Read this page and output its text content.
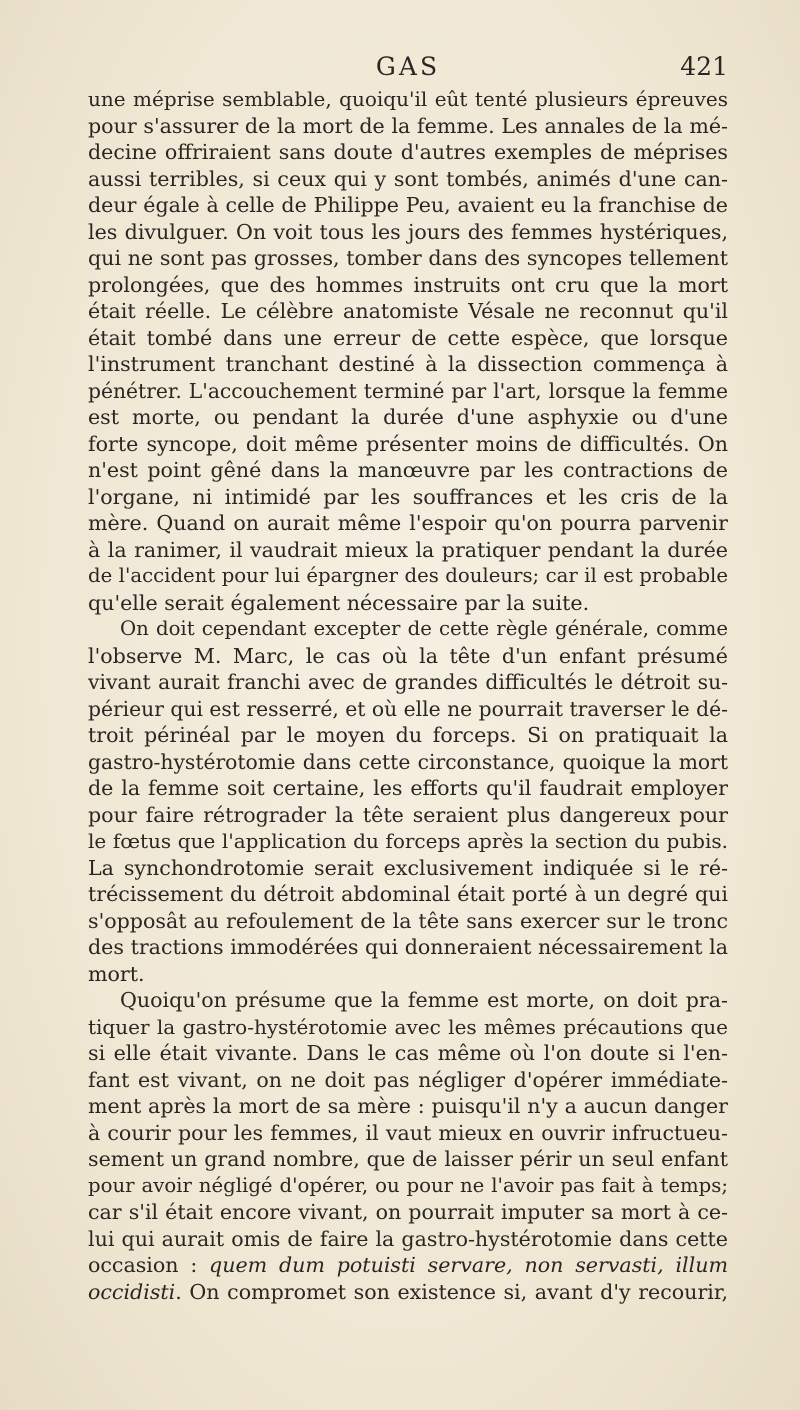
GAS	421
une méprise semblable, quoiqu'il eût tenté plusieurs épreuves
pour s'assurer de la mort de la femme. Les annales de la mé-
decine offriraient sans doute d'autres exemples de méprises
aussi terribles, si ceux qui y sont tombés, animés d'une can-
deur égale à celle de Philippe Peu, avaient eu la franchise de
les divulguer. On voit tous les jours des femmes hystériques,
qui ne sont pas grosses, tomber dans des syncopes tellement
prolongées, que des hommes instruits ont cru que la mort
était réelle. Le célèbre anatomiste Vésale ne reconnut qu'il
était tombé dans une erreur de cette espèce, que lorsque
l'instrument tranchant destiné à la dissection commença à
pénétrer. L'accouchement terminé par l'art, lorsque la femme
est morte, ou pendant la durée d'une asphyxie ou d'une
forte syncope, doit même présenter moins de difficultés. On
n'est point gêné dans la manœuvre par les contractions de
l'organe, ni intimidé par les souffrances et les cris de la
mère. Quand on aurait même l'espoir qu'on pourra parvenir
à la ranimer, il vaudrait mieux la pratiquer pendant la durée
de l'accident pour lui épargner des douleurs; car il est probable
qu'elle serait également nécessaire par la suite.
On doit cependant excepter de cette règle générale, comme
l'observe M. Marc, le cas où la tête d'un enfant présumé
vivant aurait franchi avec de grandes difficultés le détroit su-
périeur qui est resserré, et où elle ne pourrait traverser le dé-
troit périnéal par le moyen du forceps. Si on pratiquait la
gastro-hystérotomie dans cette circonstance, quoique la mort
de la femme soit certaine, les efforts qu'il faudrait employer
pour faire rétrograder la tête seraient plus dangereux pour
le fœtus que l'application du forceps après la section du pubis.
La synchondrotomie serait exclusivement indiquée si le ré-
trécissement du détroit abdominal était porté à un degré qui
s'opposât au refoulement de la tête sans exercer sur le tronc
des tractions immodérées qui donneraient nécessairement la
mort.
Quoiqu'on présume que la femme est morte, on doit pra-
tiquer la gastro-hystérotomie avec les mêmes précautions que
si elle était vivante. Dans le cas même où l'on doute si l'en-
fant est vivant, on ne doit pas négliger d'opérer immédiate-
ment après la mort de sa mère : puisqu'il n'y a aucun danger
à courir pour les femmes, il vaut mieux en ouvrir infructueu-
sement un grand nombre, que de laisser périr un seul enfant
pour avoir négligé d'opérer, ou pour ne l'avoir pas fait à temps;
car s'il était encore vivant, on pourrait imputer sa mort à ce-
lui qui aurait omis de faire la gastro-hystérotomie dans cette
occasion : quem dum potuisti servare, non servasti, illum
occidisti. On compromet son existence si, avant d'y recourir,
